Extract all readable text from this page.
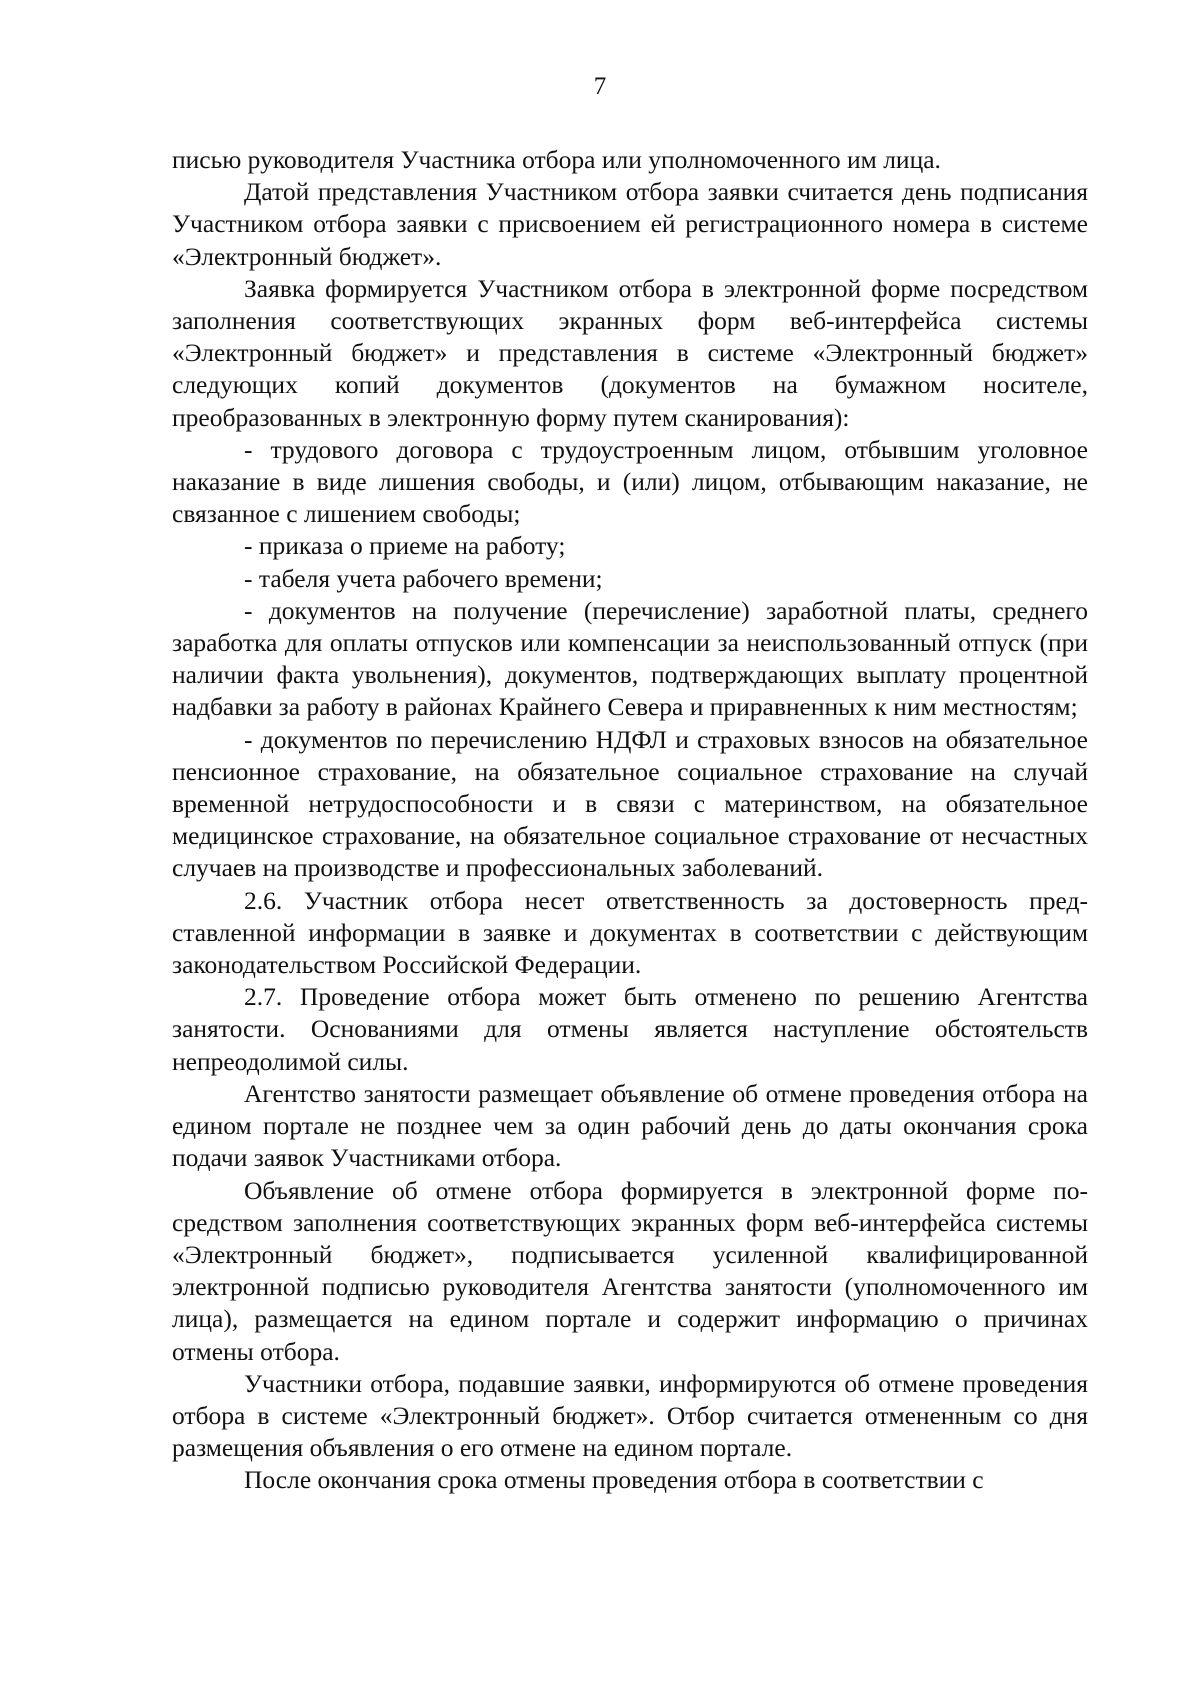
7

писью руководителя Участника отбора или уполномоченного им лица.

Датой представления Участником отбора заявки считается день подписания Участником отбора заявки с присвоением ей регистрационного номера в системе «Электронный бюджет».

Заявка формируется Участником отбора в электронной форме посредством заполнения соответствующих экранных форм веб-интерфейса системы «Электронный бюджет» и представления в системе «Электронный бюджет» следующих копий документов (документов на бумажном носителе, преобразованных в электронную форму путем сканирования):

- трудового договора с трудоустроенным лицом, отбывшим уголовное наказание в виде лишения свободы, и (или) лицом, отбывающим наказание, не связанное с лишением свободы;

- приказа о приеме на работу;

- табеля учета рабочего времени;

- документов на получение (перечисление) заработной платы, среднего заработка для оплаты отпусков или компенсации за неиспользованный отпуск (при наличии факта увольнения), документов, подтверждающих выплату процентной надбавки за работу в районах Крайнего Севера и приравненных к ним местностям;

- документов по перечислению НДФЛ и страховых взносов на обязательное пенсионное страхование, на обязательное социальное страхование на случай временной нетрудоспособности и в связи с материнством, на обязательное медицинское страхование, на обязательное социальное страхование от несчастных случаев на производстве и профессиональных заболеваний.

2.6. Участник отбора несет ответственность за достоверность представленной информации в заявке и документах в соответствии с действующим законодательством Российской Федерации.

2.7. Проведение отбора может быть отменено по решению Агентства занятости. Основаниями для отмены является наступление обстоятельств непреодолимой силы.

Агентство занятости размещает объявление об отмене проведения отбора на едином портале не позднее чем за один рабочий день до даты окончания срока подачи заявок Участниками отбора.

Объявление об отмене отбора формируется в электронной форме посредством заполнения соответствующих экранных форм веб-интерфейса системы «Электронный бюджет», подписывается усиленной квалифицированной электронной подписью руководителя Агентства занятости (уполномоченного им лица), размещается на едином портале и содержит информацию о причинах отмены отбора.

Участники отбора, подавшие заявки, информируются об отмене проведения отбора в системе «Электронный бюджет». Отбор считается отмененным со дня размещения объявления о его отмене на едином портале.

После окончания срока отмены проведения отбора в соответствии с
